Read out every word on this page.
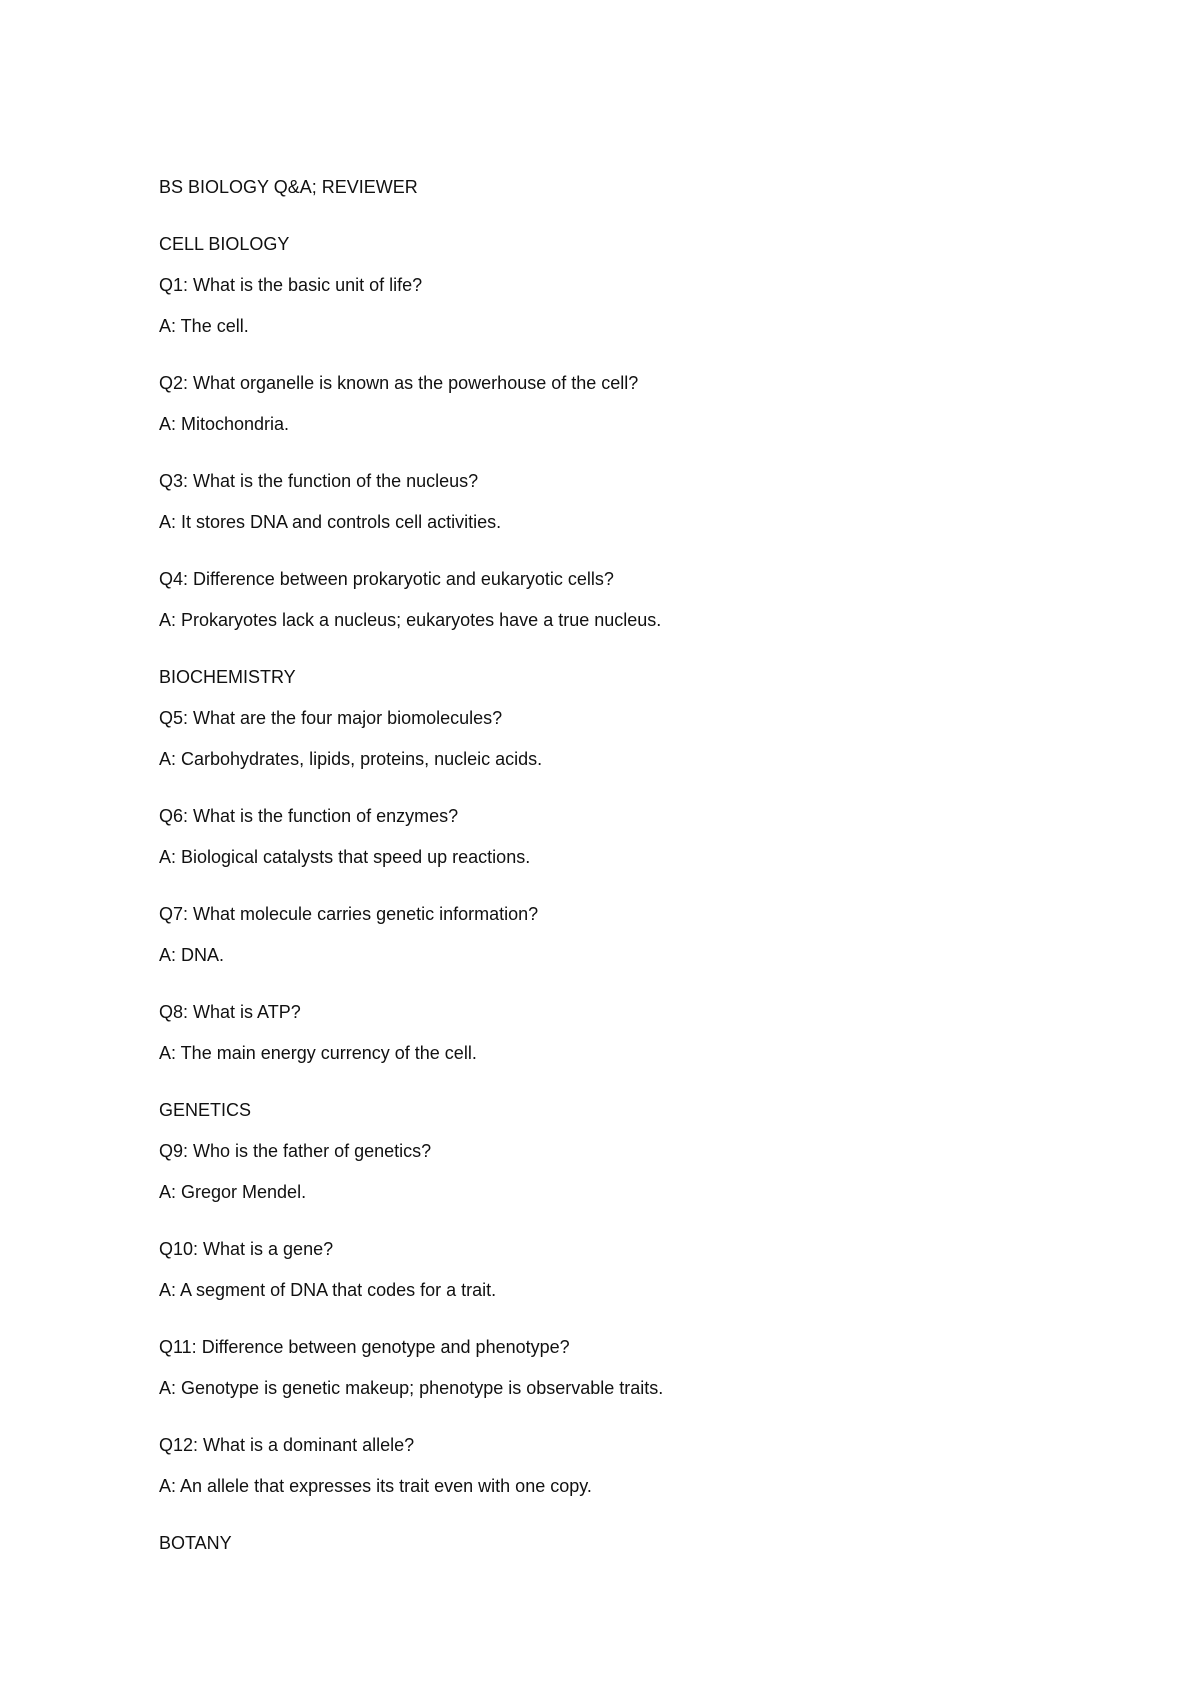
BS BIOLOGY Q&A; REVIEWER
CELL BIOLOGY

Q1: What is the basic unit of life?

A: The cell.

Q2: What organelle is known as the powerhouse of the cell?

A: Mitochondria.

Q3: What is the function of the nucleus?

A: It stores DNA and controls cell activities.

Q4: Difference between prokaryotic and eukaryotic cells?

A: Prokaryotes lack a nucleus; eukaryotes have a true nucleus.

BIOCHEMISTRY

Q5: What are the four major biomolecules?

A: Carbohydrates, lipids, proteins, nucleic acids.

Q6: What is the function of enzymes?

A: Biological catalysts that speed up reactions.

Q7: What molecule carries genetic information?

A: DNA.

Q8: What is ATP?

A: The main energy currency of the cell.

GENETICS

Q9: Who is the father of genetics?

A: Gregor Mendel.

Q10: What is a gene?

A: A segment of DNA that codes for a trait.

Q11: Difference between genotype and phenotype?

A: Genotype is genetic makeup; phenotype is observable traits.

Q12: What is a dominant allele?

A: An allele that expresses its trait even with one copy.

BOTANY
